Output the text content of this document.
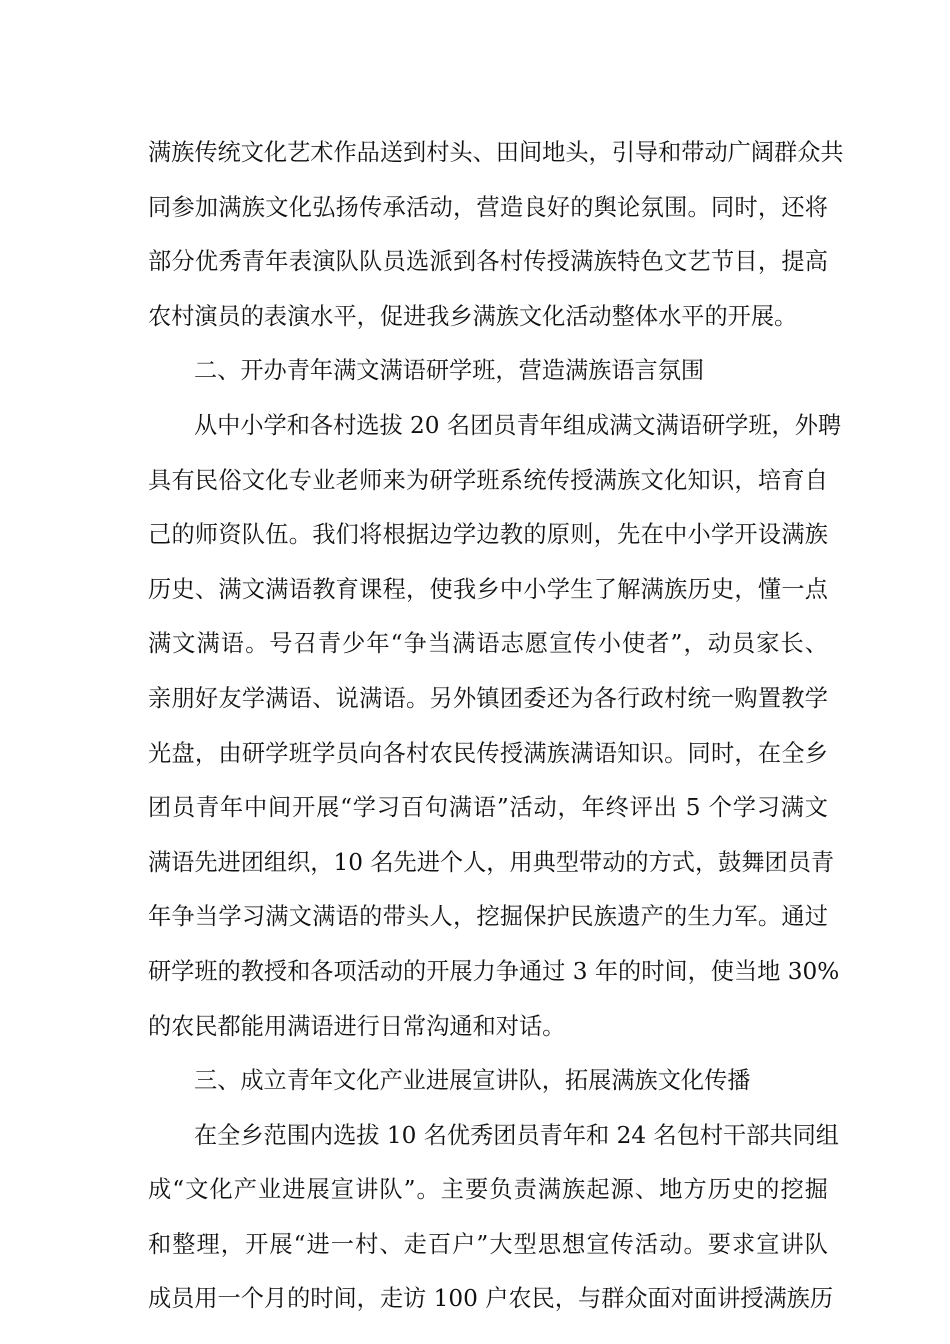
满族传统文化艺术作品送到村头、田间地头，引导和带动广阔群众共
同参加满族文化弘扬传承活动，营造良好的舆论氛围。同时，还将
部分优秀青年表演队队员选派到各村传授满族特色文艺节目，提高
农村演员的表演水平，促进我乡满族文化活动整体水平的开展。
二、开办青年满文满语研学班，营造满族语言氛围
从中小学和各村选拔 20 名团员青年组成满文满语研学班，外聘
具有民俗文化专业老师来为研学班系统传授满族文化知识，培育自
己的师资队伍。我们将根据边学边教的原则，先在中小学开设满族
历史、满文满语教育课程，使我乡中小学生了解满族历史，懂一点
满文满语。号召青少年“争当满语志愿宣传小使者”，动员家长、
亲朋好友学满语、说满语。另外镇团委还为各行政村统一购置教学
光盘，由研学班学员向各村农民传授满族满语知识。同时，在全乡
团员青年中间开展“学习百句满语”活动，年终评出 5 个学习满文
满语先进团组织，10 名先进个人，用典型带动的方式，鼓舞团员青
年争当学习满文满语的带头人，挖掘保护民族遗产的生力军。通过
研学班的教授和各项活动的开展力争通过 3 年的时间，使当地 30%
的农民都能用满语进行日常沟通和对话。
三、成立青年文化产业进展宣讲队，拓展满族文化传播
在全乡范围内选拔 10 名优秀团员青年和 24 名包村干部共同组
成“文化产业进展宣讲队”。主要负责满族起源、地方历史的挖掘
和整理，开展“进一村、走百户”大型思想宣传活动。要求宣讲队
成员用一个月的时间，走访 100 户农民，与群众面对面讲授满族历
